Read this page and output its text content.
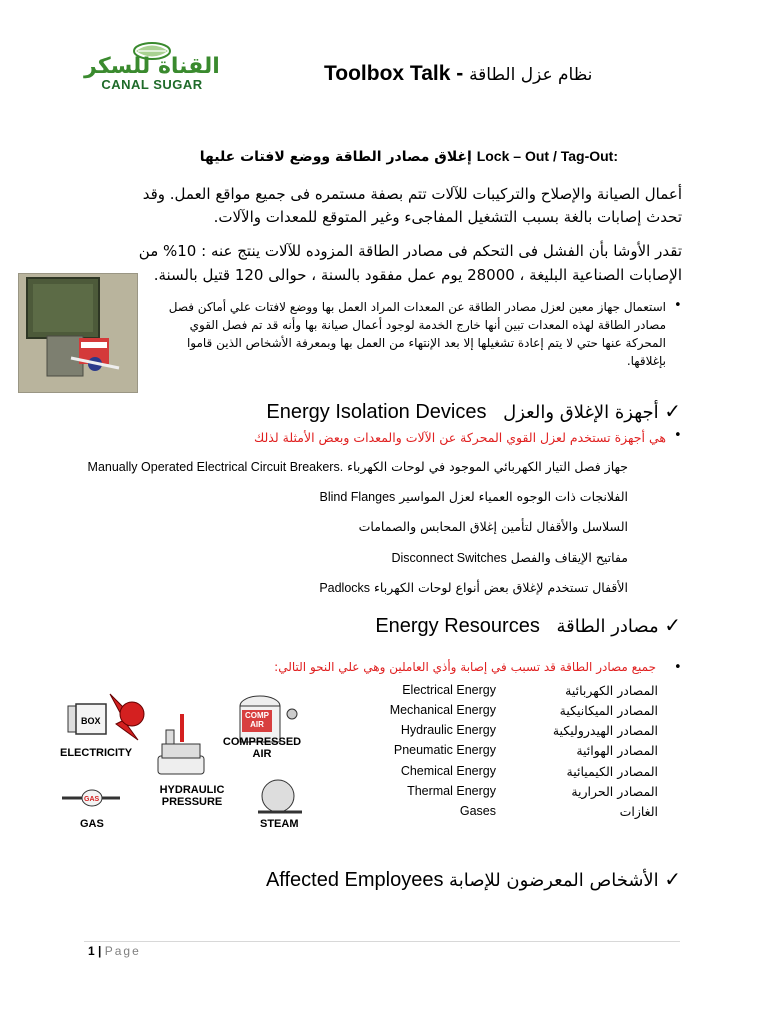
القناة للسكر
CANAL SUGAR	Toolbox Talk - نظام عزل الطاقة
إغلاق مصادر الطاقة ووضع لافتات عليها Lock – Out / Tag-Out:
أعمال الصيانة والإصلاح والتركيبات للآلات تتم بصفة مستمره فى جميع مواقع العمل. وقد تحدث إصابات بالغة بسبب التشغيل المفاجىء وغير المتوقع للمعدات والآلات.
تقدر الأوشا بأن الفشل فى التحكم فى مصادر الطاقة المزوده للآلات ينتج عنه : 10% من الإصابات الصناعية البليغة ، 28000 يوم عمل مفقود بالسنة ، حوالى 120 قتيل بالسنة.
استعمال جهاز معين لعزل مصادر الطاقة عن المعدات المراد العمل بها ووضع لافتات علي أماكن فصل مصادر الطاقة لهذه المعدات تبين أنها خارج الخدمة لوجود أعمال صيانة بها وأنه قد تم فصل القوي المحركة عنها حتي لا يتم إعادة تشغيلها إلا بعد الإنتهاء من العمل بها وبمعرفة الأشخاص الذين قاموا بإغلاقها.
•
Energy Isolation Devices أجهزة الإغلاق والعزل ✓
هي أجهزة تستخدم لعزل القوي المحركة عن الآلات والمعدات وبعض الأمثلة لذلك •
Manually Operated Electrical Circuit Breakers. جهاز فصل التيار الكهربائي الموجود في لوحات الكهرباء
Blind Flanges الفلانجات ذات الوجوه العمياء لعزل المواسير
السلاسل والأقفال لتأمين إغلاق المحابس والصمامات
Disconnect Switches مفاتيح الإيقاف والفصل
Padlocks الأقفال تستخدم لإغلاق بعض أنواع لوحات الكهرباء
Energy Resources مصادر الطاقة ✓
جميع مصادر الطاقة قد تسبب في إصابة وأذي العاملين وهي علي النحو التالي: •
BOX
GAS
ELECTRICITY
HYDRAULIC
PRESSURE
COMPRESSED
AIR
COMP
AIR
GAS	STEAM
Electrical Energy	المصادر الكهربائية
Mechanical Energy	المصادر الميكانيكية
Hydraulic Energy	المصادر الهيدروليكية
Pneumatic Energy	المصادر الهوائية
Chemical Energy	المصادر الكيميائية
Thermal Energy	المصادر الحرارية
Gases	الغازات
Affected Employees الأشخاص المعرضون للإصابة ✓
1 | Page
